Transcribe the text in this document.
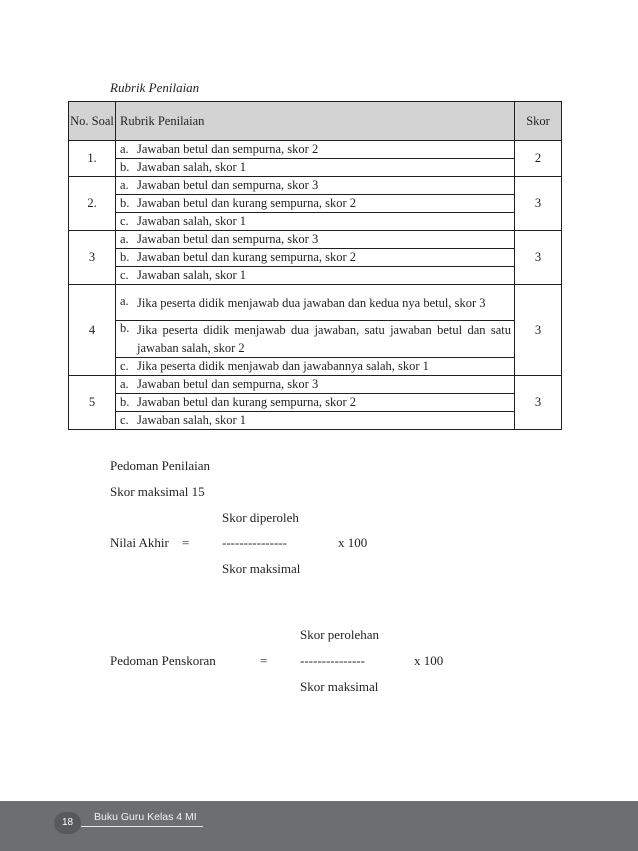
Rubrik Penilaian
No. Soal	Rubrik Penilaian	Skor
1.	a. Jawaban betul dan sempurna, skor 2	2

	b. Jawaban salah, skor 1	

2.	a. Jawaban betul dan sempurna, skor 3	3

	b. Jawaban betul dan kurang sempurna, skor 2	

	c. Jawaban salah, skor 1	

3	a. Jawaban betul dan sempurna, skor 3	3

	b. Jawaban betul dan kurang sempurna, skor 2	

	c. Jawaban salah, skor 1	

4	a. Jika peserta didik menjawab dua jawaban dan kedua nya betul, skor 3	3

	b. Jika peserta didik menjawab dua jawaban, satu jawaban betul dan satu jawaban salah, skor 2	

	c. Jika peserta didik menjawab dan jawabannya salah, skor 1	

5	a. Jawaban betul dan sempurna, skor 3	3

	b. Jawaban betul dan kurang sempurna, skor 2	

	c. Jawaban salah, skor 1	
Pedoman Penilaian
Skor maksimal 15
Skor diperoleh
Nilai Akhir =	---------------	x 100
Skor maksimal
Skor perolehan
Pedoman Penskoran	=	---------------	x 100
Skor maksimal
18	Buku Guru Kelas 4 MI
